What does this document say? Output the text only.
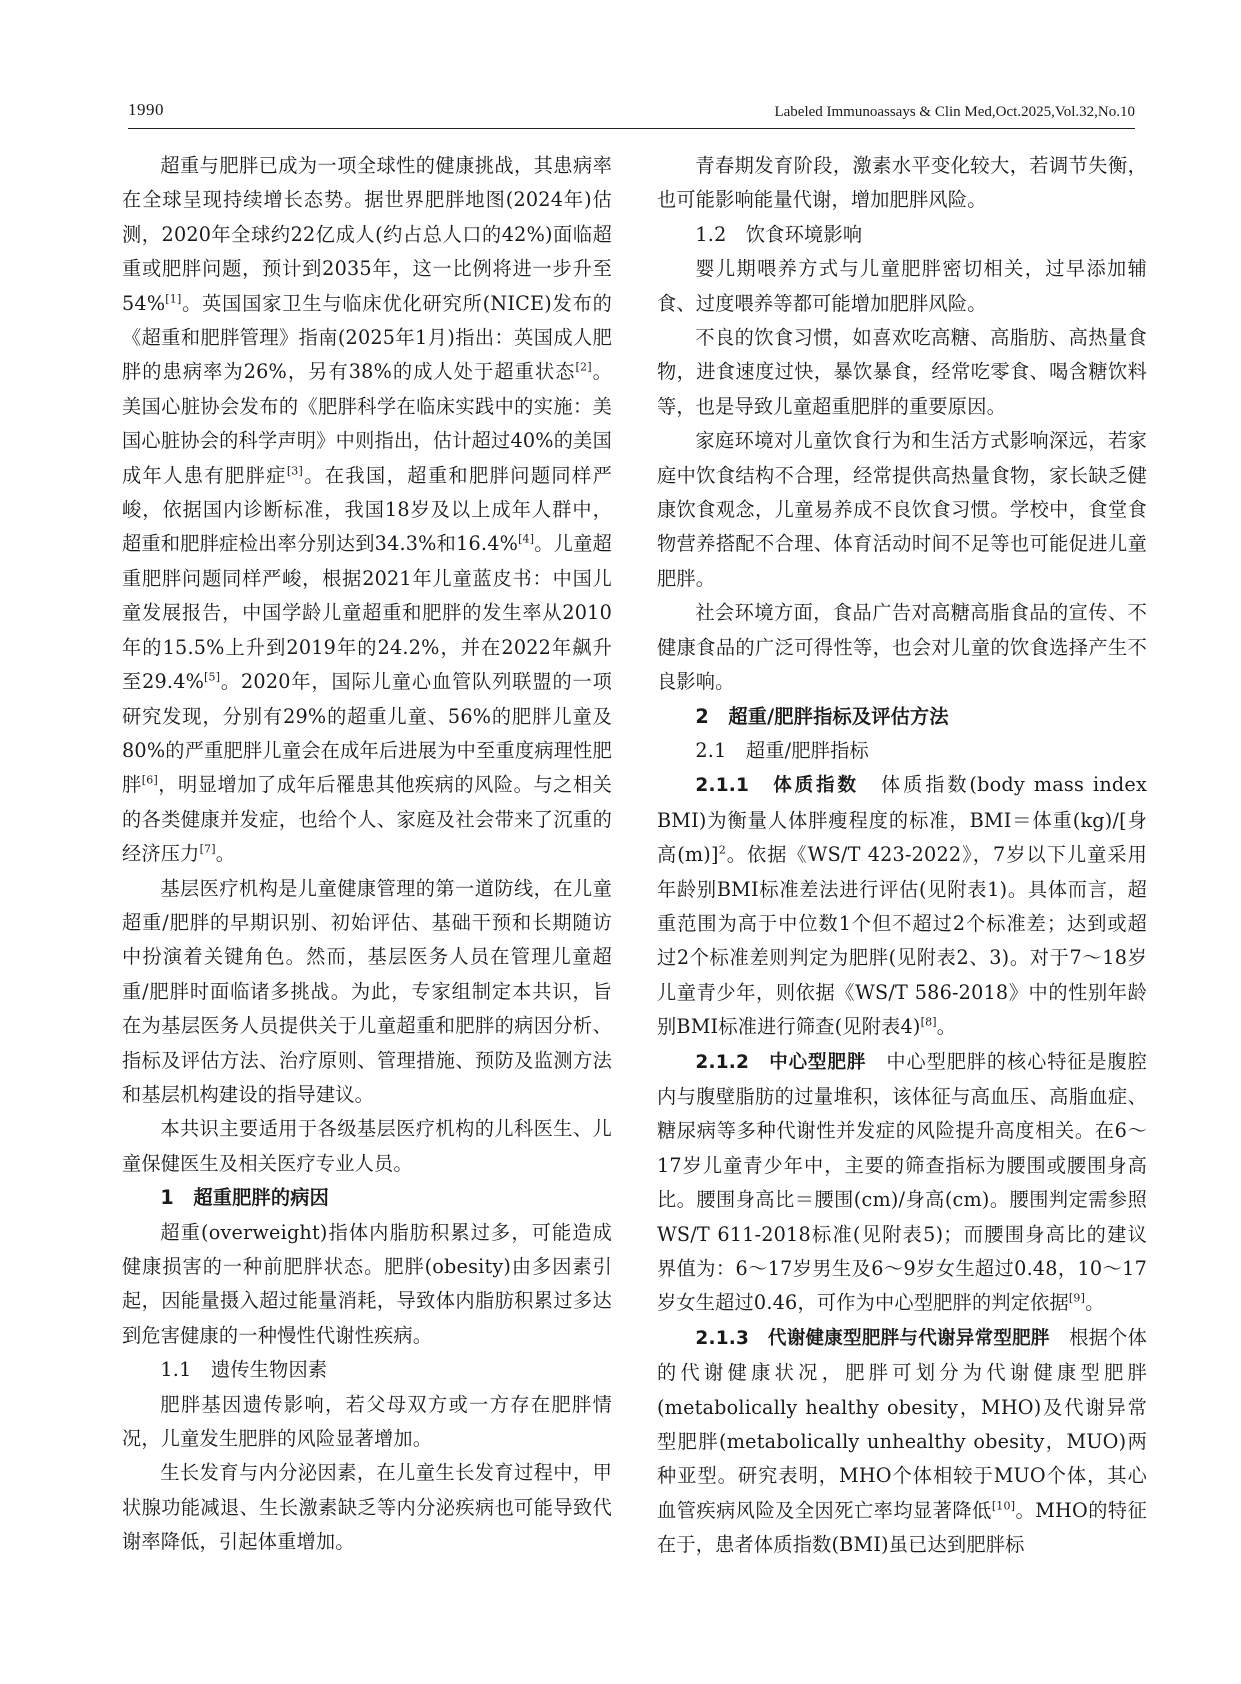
1990	Labeled Immunoassays & Clin Med,Oct.2025,Vol.32,No.10

超重与肥胖已成为一项全球性的健康挑战，其患病率在全球呈现持续增长态势。据世界肥胖地图(2024年)估测，2020年全球约22亿成人(约占总人口的42%)面临超重或肥胖问题，预计到2035年，这一比例将进一步升至54%[1]。英国国家卫生与临床优化研究所(NICE)发布的《超重和肥胖管理》指南(2025年1月)指出：英国成人肥胖的患病率为26%，另有38%的成人处于超重状态[2]。美国心脏协会发布的《肥胖科学在临床实践中的实施：美国心脏协会的科学声明》中则指出，估计超过40%的美国成年人患有肥胖症[3]。在我国，超重和肥胖问题同样严峻，依据国内诊断标准，我国18岁及以上成年人群中，超重和肥胖症检出率分别达到34.3%和16.4%[4]。儿童超重肥胖问题同样严峻，根据2021年儿童蓝皮书：中国儿童发展报告，中国学龄儿童超重和肥胖的发生率从2010年的15.5%上升到2019年的24.2%，并在2022年飙升至29.4%[5]。2020年，国际儿童心血管队列联盟的一项研究发现，分别有29%的超重儿童、56%的肥胖儿童及80%的严重肥胖儿童会在成年后进展为中至重度病理性肥胖[6]，明显增加了成年后罹患其他疾病的风险。与之相关的各类健康并发症，也给个人、家庭及社会带来了沉重的经济压力[7]。

基层医疗机构是儿童健康管理的第一道防线，在儿童超重/肥胖的早期识别、初始评估、基础干预和长期随访中扮演着关键角色。然而，基层医务人员在管理儿童超重/肥胖时面临诸多挑战。为此，专家组制定本共识，旨在为基层医务人员提供关于儿童超重和肥胖的病因分析、指标及评估方法、治疗原则、管理措施、预防及监测方法和基层机构建设的指导建议。

本共识主要适用于各级基层医疗机构的儿科医生、儿童保健医生及相关医疗专业人员。

1　超重肥胖的病因

超重(overweight)指体内脂肪积累过多，可能造成健康损害的一种前肥胖状态。肥胖(obesity)由多因素引起，因能量摄入超过能量消耗，导致体内脂肪积累过多达到危害健康的一种慢性代谢性疾病。

1.1　遗传生物因素

肥胖基因遗传影响，若父母双方或一方存在肥胖情况，儿童发生肥胖的风险显著增加。

生长发育与内分泌因素，在儿童生长发育过程中，甲状腺功能减退、生长激素缺乏等内分泌疾病也可能导致代谢率降低，引起体重增加。

青春期发育阶段，激素水平变化较大，若调节失衡，也可能影响能量代谢，增加肥胖风险。

1.2　饮食环境影响

婴儿期喂养方式与儿童肥胖密切相关，过早添加辅食、过度喂养等都可能增加肥胖风险。

不良的饮食习惯，如喜欢吃高糖、高脂肪、高热量食物，进食速度过快，暴饮暴食，经常吃零食、喝含糖饮料等，也是导致儿童超重肥胖的重要原因。

家庭环境对儿童饮食行为和生活方式影响深远，若家庭中饮食结构不合理，经常提供高热量食物，家长缺乏健康饮食观念，儿童易养成不良饮食习惯。学校中，食堂食物营养搭配不合理、体育活动时间不足等也可能促进儿童肥胖。

社会环境方面，食品广告对高糖高脂食品的宣传、不健康食品的广泛可得性等，也会对儿童的饮食选择产生不良影响。

2　超重/肥胖指标及评估方法

2.1　超重/肥胖指标

2.1.1　体质指数　体质指数(body mass index BMI)为衡量人体胖瘦程度的标准，BMI＝体重(kg)/[身高(m)]$^2$。依据《WS/T 423-2022》，7岁以下儿童采用年龄别BMI标准差法进行评估(见附表1)。具体而言，超重范围为高于中位数1个但不超过2个标准差；达到或超过2个标准差则判定为肥胖(见附表2、3)。对于7～18岁儿童青少年，则依据《WS/T 586-2018》中的性别年龄别BMI标准进行筛查(见附表4)[8]。

2.1.2　中心型肥胖　中心型肥胖的核心特征是腹腔内与腹壁脂肪的过量堆积，该体征与高血压、高脂血症、糖尿病等多种代谢性并发症的风险提升高度相关。在6～17岁儿童青少年中，主要的筛查指标为腰围或腰围身高比。腰围身高比＝腰围(cm)/身高(cm)。腰围判定需参照WS/T 611-2018标准(见附表5)；而腰围身高比的建议界值为：6～17岁男生及6～9岁女生超过0.48，10～17岁女生超过0.46，可作为中心型肥胖的判定依据[9]。

2.1.3　代谢健康型肥胖与代谢异常型肥胖　根据个体的代谢健康状况，肥胖可划分为代谢健康型肥胖(metabolically healthy obesity，MHO)及代谢异常型肥胖(metabolically unhealthy obesity，MUO)两种亚型。研究表明，MHO个体相较于MUO个体，其心血管疾病风险及全因死亡率均显著降低[10]。MHO的特征在于，患者体质指数(BMI)虽已达到肥胖标
